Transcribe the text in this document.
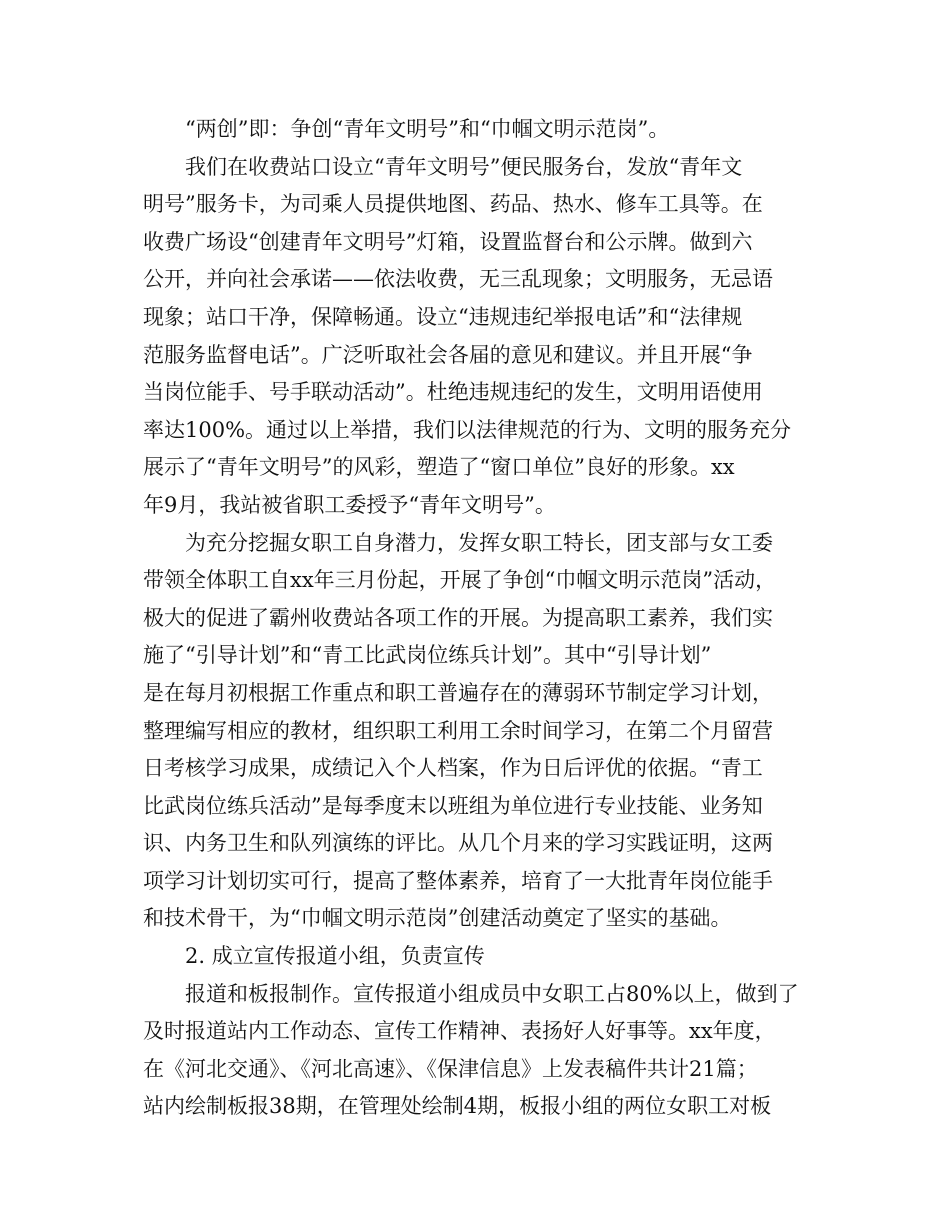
“两创”即：争创“青年文明号”和“巾帼文明示范岗”。
我们在收费站口设立“青年文明号”便民服务台，发放“青年文
明号”服务卡，为司乘人员提供地图、药品、热水、修车工具等。在
收费广场设“创建青年文明号”灯箱，设置监督台和公示牌。做到六
公开，并向社会承诺——依法收费，无三乱现象；文明服务，无忌语
现象；站口干净，保障畅通。设立“违规违纪举报电话”和“法律规
范服务监督电话”。广泛听取社会各届的意见和建议。并且开展“争
当岗位能手、号手联动活动”。杜绝违规违纪的发生，文明用语使用
率达100%。通过以上举措，我们以法律规范的行为、文明的服务充分
展示了“青年文明号”的风彩，塑造了“窗口单位”良好的形象。xx
年9月，我站被省职工委授予“青年文明号”。
为充分挖掘女职工自身潜力，发挥女职工特长，团支部与女工委
带领全体职工自xx年三月份起，开展了争创“巾帼文明示范岗”活动，
极大的促进了霸州收费站各项工作的开展。为提高职工素养，我们实
施了“引导计划”和“青工比武岗位练兵计划”。其中“引导计划”
是在每月初根据工作重点和职工普遍存在的薄弱环节制定学习计划，
整理编写相应的教材，组织职工利用工余时间学习，在第二个月留营
日考核学习成果，成绩记入个人档案，作为日后评优的依据。“青工
比武岗位练兵活动”是每季度末以班组为单位进行专业技能、业务知
识、内务卫生和队列演练的评比。从几个月来的学习实践证明，这两
项学习计划切实可行，提高了整体素养，培育了一大批青年岗位能手
和技术骨干，为“巾帼文明示范岗”创建活动奠定了坚实的基础。
2. 成立宣传报道小组，负责宣传
报道和板报制作。宣传报道小组成员中女职工占80%以上，做到了
及时报道站内工作动态、宣传工作精神、表扬好人好事等。xx年度，
在《河北交通》、《河北高速》、《保津信息》上发表稿件共计21篇；
站内绘制板报38期，在管理处绘制4期，板报小组的两位女职工对板
